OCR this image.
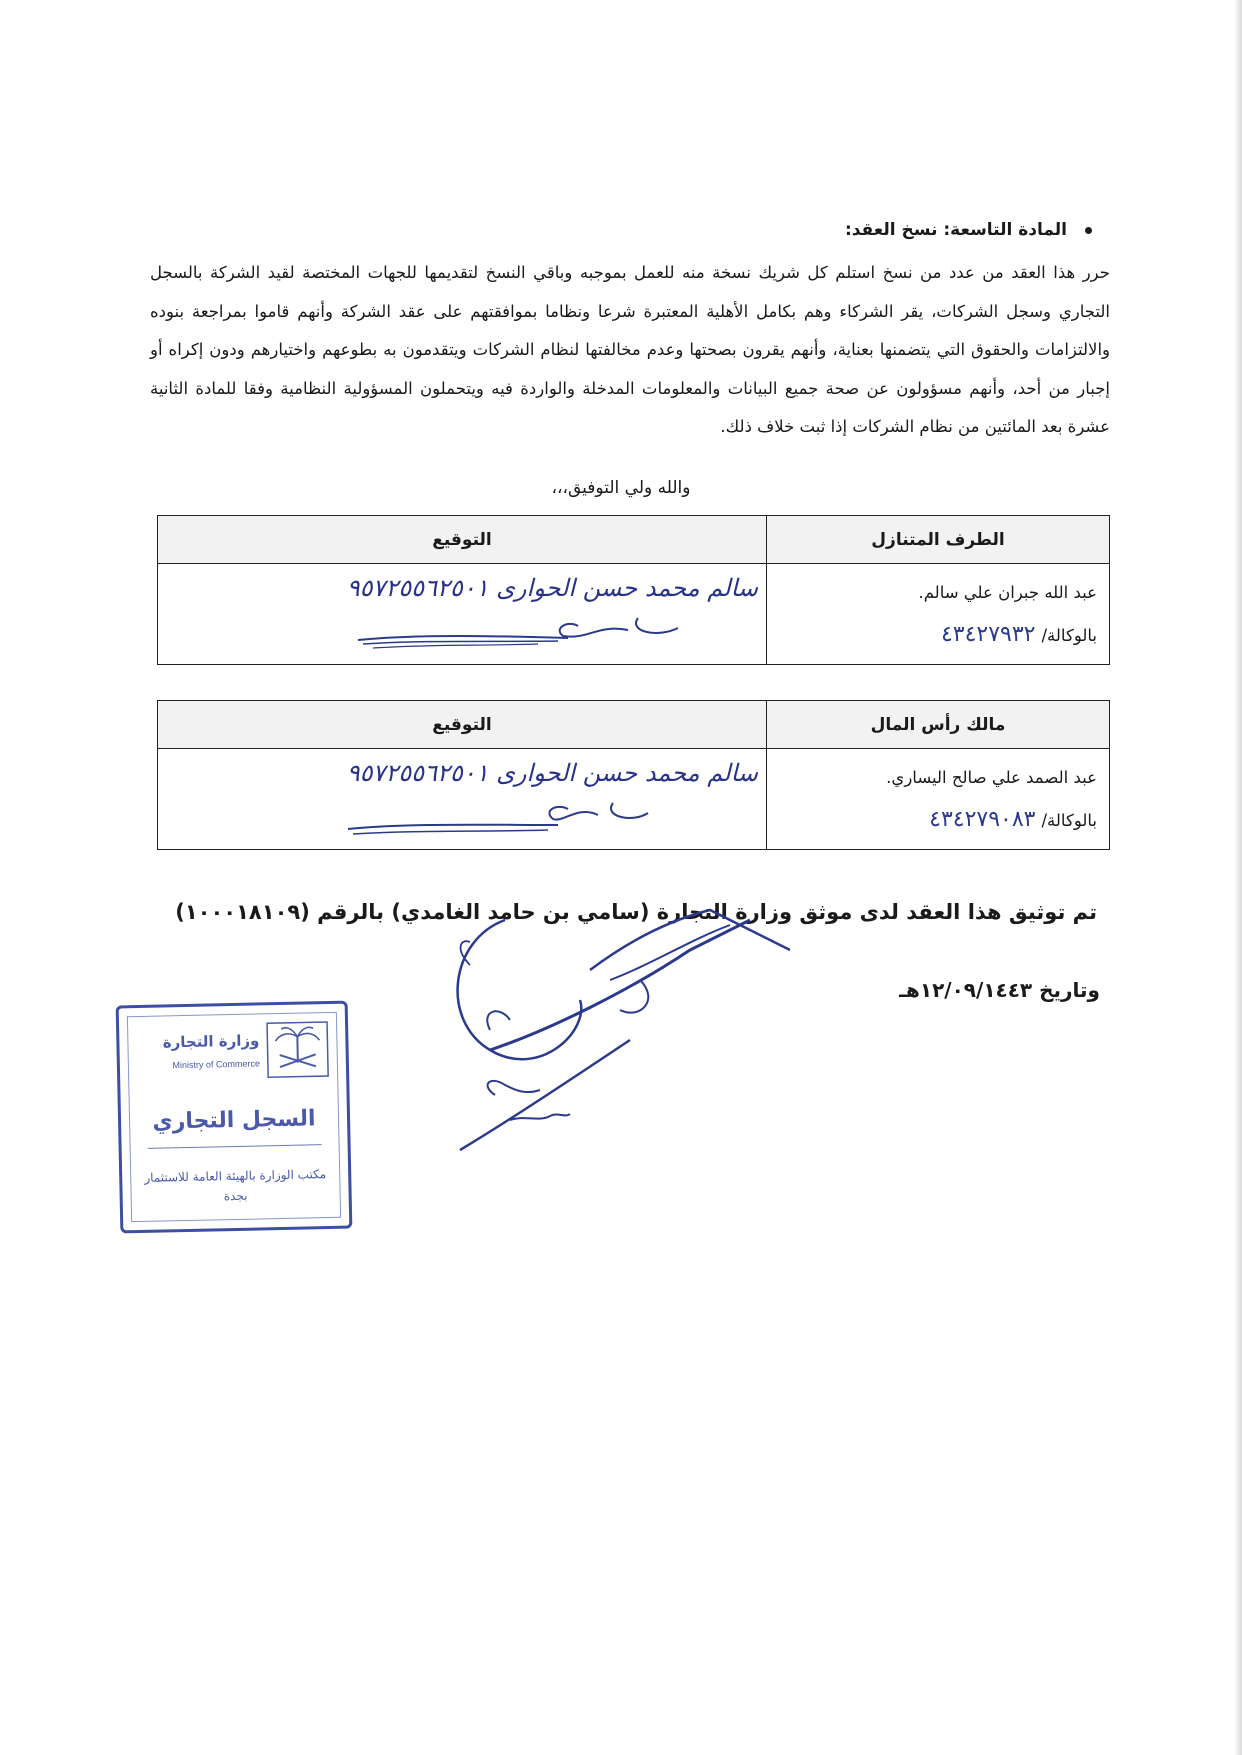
المادة التاسعة: نسخ العقد:

حرر هذا العقد من عدد من نسخ استلم كل شريك نسخة منه للعمل بموجبه وباقي النسخ لتقديمها للجهات المختصة لقيد الشركة بالسجل التجاري وسجل الشركات، يقر الشركاء وهم بكامل الأهلية المعتبرة شرعا ونظاما بموافقتهم على عقد الشركة وأنهم قاموا بمراجعة بنوده والالتزامات والحقوق التي يتضمنها بعناية، وأنهم يقرون بصحتها وعدم مخالفتها لنظام الشركات ويتقدمون به بطوعهم واختيارهم ودون إكراه أو إجبار من أحد، وأنهم مسؤولون عن صحة جميع البيانات والمعلومات المدخلة والواردة فيه ويتحملون المسؤولية النظامية وفقا للمادة الثانية عشرة بعد المائتين من نظام الشركات إذا ثبت خلاف ذلك.

والله ولي التوفيق،،،
الطرف المتنازل	التوقيع

عبد الله جبران علي سالم.
بالوكالة/٤٣٤٢٧٩٣٢	سالم محمد حسن الحوارى ٩٥٧٢٥٥٦٢٥٠١
مالك رأس المال	التوقيع

عبد الصمد علي صالح اليساري.
بالوكالة/٤٣٤٢٧٩٠٨٣	سالم محمد حسن الحوارى ٩٥٧٢٥٥٦٢٥٠١
تم توثيق هذا العقد لدى موثق وزارة التجارة (سامي بن حامد الغامدي) بالرقم (١٠٠٠١٨١٠٩)
وتاريخ ١٢/٠٩/١٤٤٣هـ
وزارة التجارة
Ministry of Commerce
السجل التجاري
مكتب الوزارة بالهيئة العامة للاستثمار بجدة
